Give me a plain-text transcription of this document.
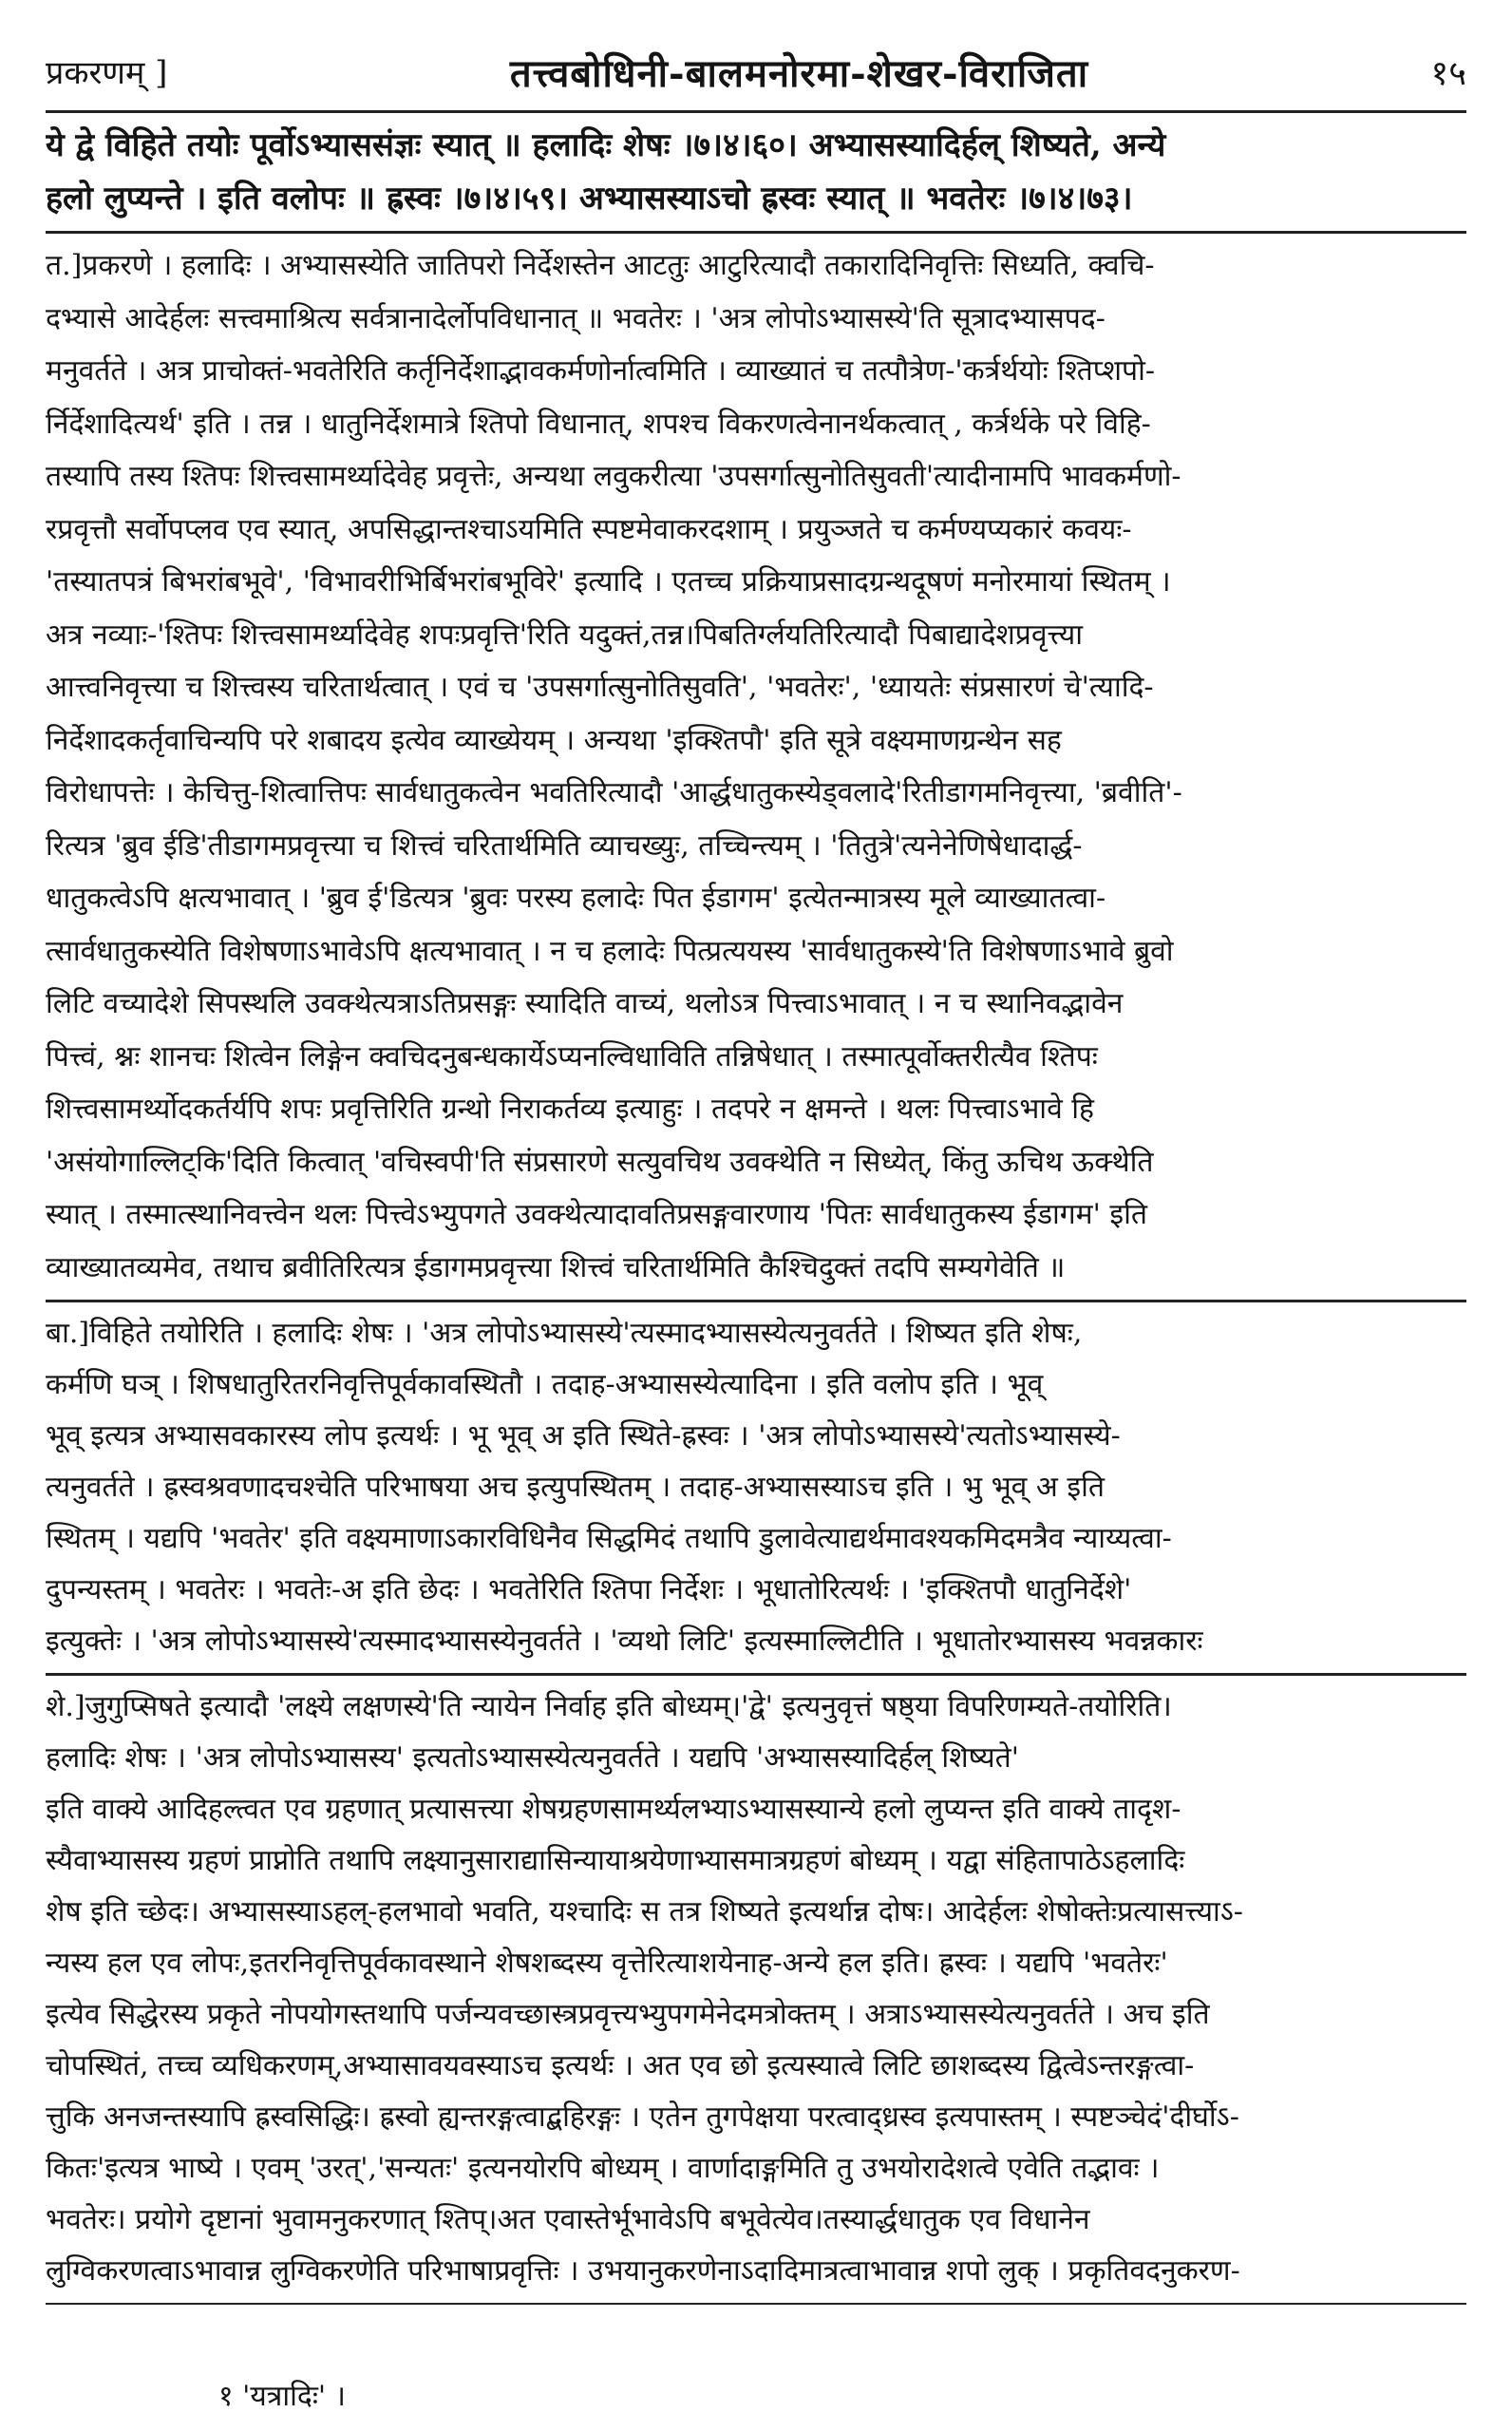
प्रकरणम् ]	तत्त्वबोधिनी-बालमनोरमा-शेखर-विराजिता	१५

ये द्वे विहिते तयोः पूर्वोऽभ्याससंज्ञः स्यात् ॥ हलादिः शेषः ।७।४।६०। अभ्यासस्यादिर्हल् शिष्यते, अन्ये

हलो लुप्यन्ते । इति वलोपः ॥ ह्रस्वः ।७।४।५९। अभ्यासस्याऽचो ह्रस्वः स्यात् ॥ भवतेरः ।७।४।७३।

त.]प्रकरणे । हलादिः । अभ्यासस्येति जातिपरो निर्देशस्तेन आटतुः आटुरित्यादौ तकारादिनिवृत्तिः सिध्यति, क्वचि-

दभ्यासे आदेर्हलः सत्त्वमाश्रित्य सर्वत्रानादेर्लोपविधानात् ॥ भवतेरः । 'अत्र लोपोऽभ्यासस्ये'ति सूत्रादभ्यासपद-

मनुवर्तते । अत्र प्राचोक्तं-भवतेरिति कर्तृनिर्देशाद्भावकर्मणोर्नात्वमिति । व्याख्यातं च तत्पौत्रेण-'कर्त्रर्थयोः श्तिप्शपो-

र्निर्देशादित्यर्थ' इति । तन्न । धातुनिर्देशमात्रे श्तिपो विधानात्, शपश्च विकरणत्वेनानर्थकत्वात् , कर्त्रर्थके परे विहि-

तस्यापि तस्य श्तिपः शित्त्वसामर्थ्यादेवेह प्रवृत्तेः, अन्यथा लवुकरीत्या 'उपसर्गात्सुनोतिसुवती'त्यादीनामपि भावकर्मणो-

रप्रवृत्तौ सर्वोपप्लव एव स्यात्, अपसिद्धान्तश्चाऽयमिति स्पष्टमेवाकरदशाम् । प्रयुञ्जते च कर्मण्यप्यकारं कवयः-

'तस्यातपत्रं बिभरांबभूवे', 'विभावरीभिर्बिभरांबभूविरे' इत्यादि । एतच्च प्रक्रियाप्रसादग्रन्थदूषणं मनोरमायां स्थितम् ।

अत्र नव्याः-'श्तिपः शित्त्वसामर्थ्यादेवेह शपःप्रवृत्ति'रिति यदुक्तं,तन्न।पिबतिर्ग्लयतिरित्यादौ पिबाद्यादेशप्रवृत्त्या

आत्त्वनिवृत्त्या च शित्त्वस्य चरितार्थत्वात् । एवं च 'उपसर्गात्सुनोतिसुवति', 'भवतेरः', 'ध्यायतेः संप्रसारणं चे'त्यादि-

निर्देशादकर्तृवाचिन्यपि परे शबादय इत्येव व्याख्येयम् । अन्यथा 'इक्श्तिपौ' इति सूत्रे वक्ष्यमाणग्रन्थेन सह

विरोधापत्तेः । केचित्तु-शित्वात्तिपः सार्वधातुकत्वेन भवतिरित्यादौ 'आर्द्धधातुकस्येड्वलादे'रितीडागमनिवृत्त्या, 'ब्रवीति'-

रित्यत्र 'ब्रुव ईडि'तीडागमप्रवृत्त्या च शित्त्वं चरितार्थमिति व्याचख्युः, तच्चिन्त्यम् । 'तितुत्रे'त्यनेनेणिषेधादार्द्ध-

धातुकत्वेऽपि क्षत्यभावात् । 'ब्रुव ई'डित्यत्र 'ब्रुवः परस्य हलादेः पित ईडागम' इत्येतन्मात्रस्य मूले व्याख्यातत्वा-

त्सार्वधातुकस्येति विशेषणाऽभावेऽपि क्षत्यभावात् । न च हलादेः पित्प्रत्ययस्य 'सार्वधातुकस्ये'ति विशेषणाऽभावे ब्रुवो

लिटि वच्यादेशे सिपस्थलि उवक्थेत्यत्राऽतिप्रसङ्गः स्यादिति वाच्यं, थलोऽत्र पित्त्वाऽभावात् । न च स्थानिवद्भावेन

पित्त्वं, श्नः शानचः शित्वेन लिङ्गेन क्वचिदनुबन्धकार्येऽप्यनल्विधाविति तन्निषेधात् । तस्मात्पूर्वोक्तरीत्यैव श्तिपः

शित्त्वसामर्थ्योदकर्तर्यपि शपः प्रवृत्तिरिति ग्रन्थो निराकर्तव्य इत्याहुः । तदपरे न क्षमन्ते । थलः पित्त्वाऽभावे हि

'असंयोगाल्लिट्कि'दिति कित्वात् 'वचिस्वपी'ति संप्रसारणे सत्युवचिथ उवक्थेति न सिध्येत्, किंतु ऊचिथ ऊक्थेति

स्यात् । तस्मात्स्थानिवत्त्वेन थलः पित्त्वेऽभ्युपगते उवक्थेत्यादावतिप्रसङ्गवारणाय 'पितः सार्वधातुकस्य ईडागम' इति

व्याख्यातव्यमेव, तथाच ब्रवीतिरित्यत्र ईडागमप्रवृत्त्या शित्त्वं चरितार्थमिति कैश्चिदुक्तं तदपि सम्यगेवेति ॥

बा.]विहिते तयोरिति । हलादिः शेषः । 'अत्र लोपोऽभ्यासस्ये'त्यस्मादभ्यासस्येत्यनुवर्तते । शिष्यत इति शेषः,

कर्मणि घञ् । शिषधातुरितरनिवृत्तिपूर्वकावस्थितौ । तदाह-अभ्यासस्येत्यादिना । इति वलोप इति । भूव्

भूव् इत्यत्र अभ्यासवकारस्य लोप इत्यर्थः । भू भूव् अ इति स्थिते-ह्रस्वः । 'अत्र लोपोऽभ्यासस्ये'त्यतोऽभ्यासस्ये-

त्यनुवर्तते । ह्रस्वश्रवणादचश्चेति परिभाषया अच इत्युपस्थितम् । तदाह-अभ्यासस्याऽच इति । भु भूव् अ इति

स्थितम् । यद्यपि 'भवतेर' इति वक्ष्यमाणाऽकारविधिनैव सिद्धमिदं तथापि डुलावेत्याद्यर्थमावश्यकमिदमत्रैव न्याय्यत्वा-

दुपन्यस्तम् । भवतेरः । भवतेः-अ इति छेदः । भवतेरिति श्तिपा निर्देशः । भूधातोरित्यर्थः । 'इक्श्तिपौ धातुनिर्देशे'

इत्युक्तेः । 'अत्र लोपोऽभ्यासस्ये'त्यस्मादभ्यासस्येनुवर्तते । 'व्यथो लिटि' इत्यस्माल्लिटीति । भूधातोरभ्यासस्य भवन्नकारः

शे.]जुगुप्सिषते इत्यादौ 'लक्ष्ये लक्षणस्ये'ति न्यायेन निर्वाह इति बोध्यम्।'द्वे' इत्यनुवृत्तं षष्ठ्या विपरिणम्यते-तयोरिति।

हलादिः शेषः । 'अत्र लोपोऽभ्यासस्य' इत्यतोऽभ्यासस्येत्यनुवर्तते । यद्यपि 'अभ्यासस्यादिर्हल् शिष्यते'

इति वाक्ये आदिहल्त्वत एव ग्रहणात् प्रत्यासत्त्या शेषग्रहणसामर्थ्यलभ्याऽभ्यासस्यान्ये हलो लुप्यन्त इति वाक्ये तादृश-

स्यैवाभ्यासस्य ग्रहणं प्राप्नोति तथापि लक्ष्यानुसाराद्यासिन्यायाश्रयेणाभ्यासमात्रग्रहणं बोध्यम् । यद्वा संहितापाठेऽहलादिः

शेष इति च्छेदः। अभ्यासस्याऽहल्-हलभावो भवति, यश्चादिः स तत्र शिष्यते इत्यर्थान्न दोषः। आदेर्हलः शेषोक्तेःप्रत्यासत्त्याऽ-

न्यस्य हल एव लोपः,इतरनिवृत्तिपूर्वकावस्थाने शेषशब्दस्य वृत्तेरित्याशयेनाह-अन्ये हल इति। ह्रस्वः । यद्यपि 'भवतेरः'

इत्येव सिद्धेरस्य प्रकृते नोपयोगस्तथापि पर्जन्यवच्छास्त्रप्रवृत्त्यभ्युपगमेनेदमत्रोक्तम् । अत्राऽभ्यासस्येत्यनुवर्तते । अच इति

चोपस्थितं, तच्च व्यधिकरणम्,अभ्यासावयवस्याऽच इत्यर्थः । अत एव छो इत्यस्यात्वे लिटि छाशब्दस्य द्वित्वेऽन्तरङ्गत्वा-

त्तुकि अनजन्तस्यापि ह्रस्वसिद्धिः। ह्रस्वो ह्यन्तरङ्गत्वाद्बहिरङ्गः । एतेन तुगपेक्षया परत्वाद्ध्रस्व इत्यपास्तम् । स्पष्टञ्चेदं'दीर्घोऽ-

कितः'इत्यत्र भाष्ये । एवम् 'उरत्','सन्यतः' इत्यनयोरपि बोध्यम् । वार्णादाङ्गमिति तु उभयोरादेशत्वे एवेति तद्भावः ।

भवतेरः। प्रयोगे दृष्टानां भुवामनुकरणात् श्तिप्।अत एवास्तेर्भूभावेऽपि बभूवेत्येव।तस्यार्द्धधातुक एव विधानेन

लुग्विकरणत्वाऽभावान्न लुग्विकरणेति परिभाषाप्रवृत्तिः । उभयानुकरणेनाऽदादिमात्रत्वाभावान्न शपो लुक् । प्रकृतिवदनुकरण-

१ 'यत्रादिः' ।
